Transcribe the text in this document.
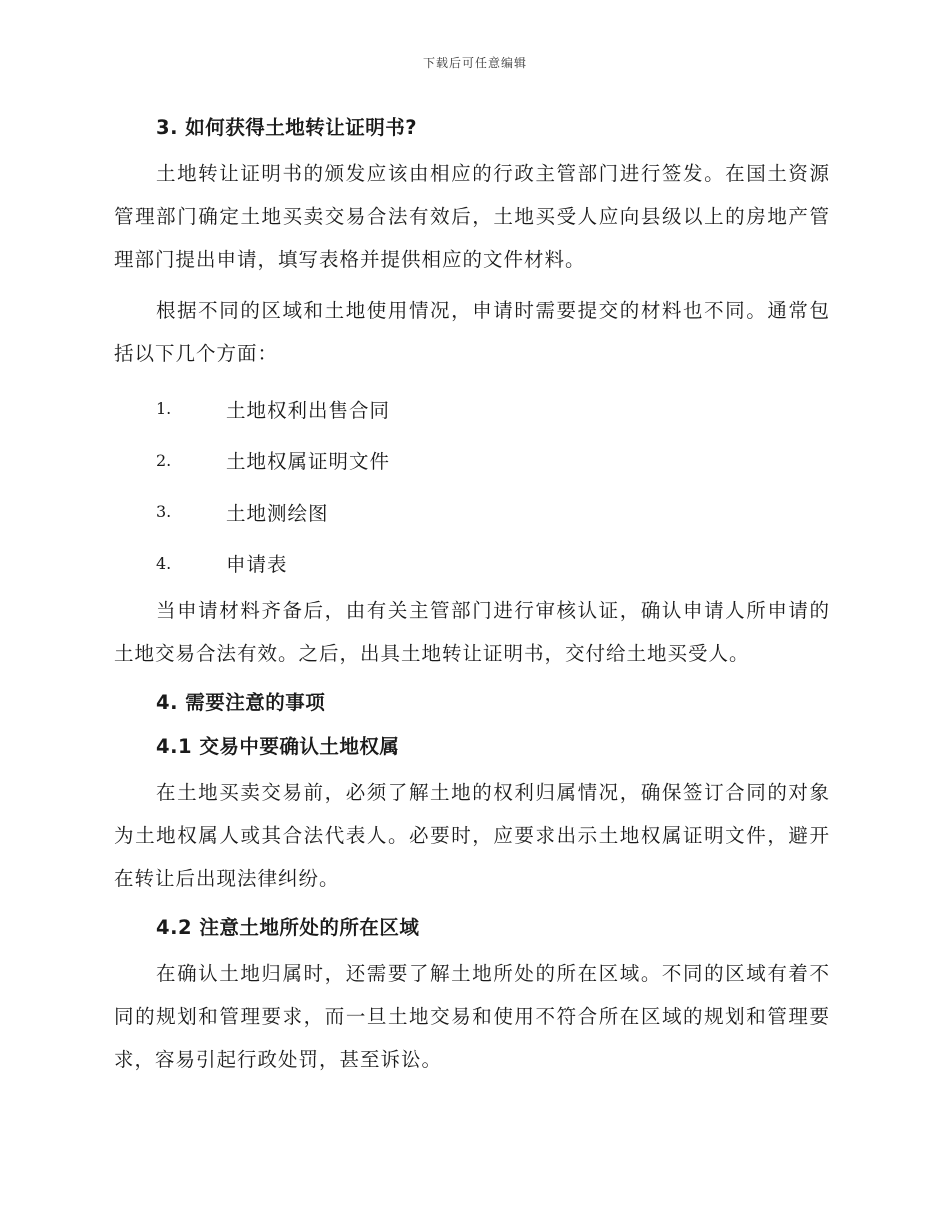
下载后可任意编辑
3. 如何获得土地转让证明书?

土地转让证明书的颁发应该由相应的行政主管部门进行签发。在国土资源管理部门确定土地买卖交易合法有效后，土地买受人应向县级以上的房地产管理部门提出申请，填写表格并提供相应的文件材料。

根据不同的区域和土地使用情况，申请时需要提交的材料也不同。通常包括以下几个方面：

1.	土地权利出售合同
2.	土地权属证明文件
3.	土地测绘图
4.	申请表

当申请材料齐备后，由有关主管部门进行审核认证，确认申请人所申请的土地交易合法有效。之后，出具土地转让证明书，交付给土地买受人。

4. 需要注意的事项
4.1 交易中要确认土地权属

在土地买卖交易前，必须了解土地的权利归属情况，确保签订合同的对象为土地权属人或其合法代表人。必要时，应要求出示土地权属证明文件，避开在转让后出现法律纠纷。

4.2 注意土地所处的所在区域

在确认土地归属时，还需要了解土地所处的所在区域。不同的区域有着不同的规划和管理要求，而一旦土地交易和使用不符合所在区域的规划和管理要求，容易引起行政处罚，甚至诉讼。
